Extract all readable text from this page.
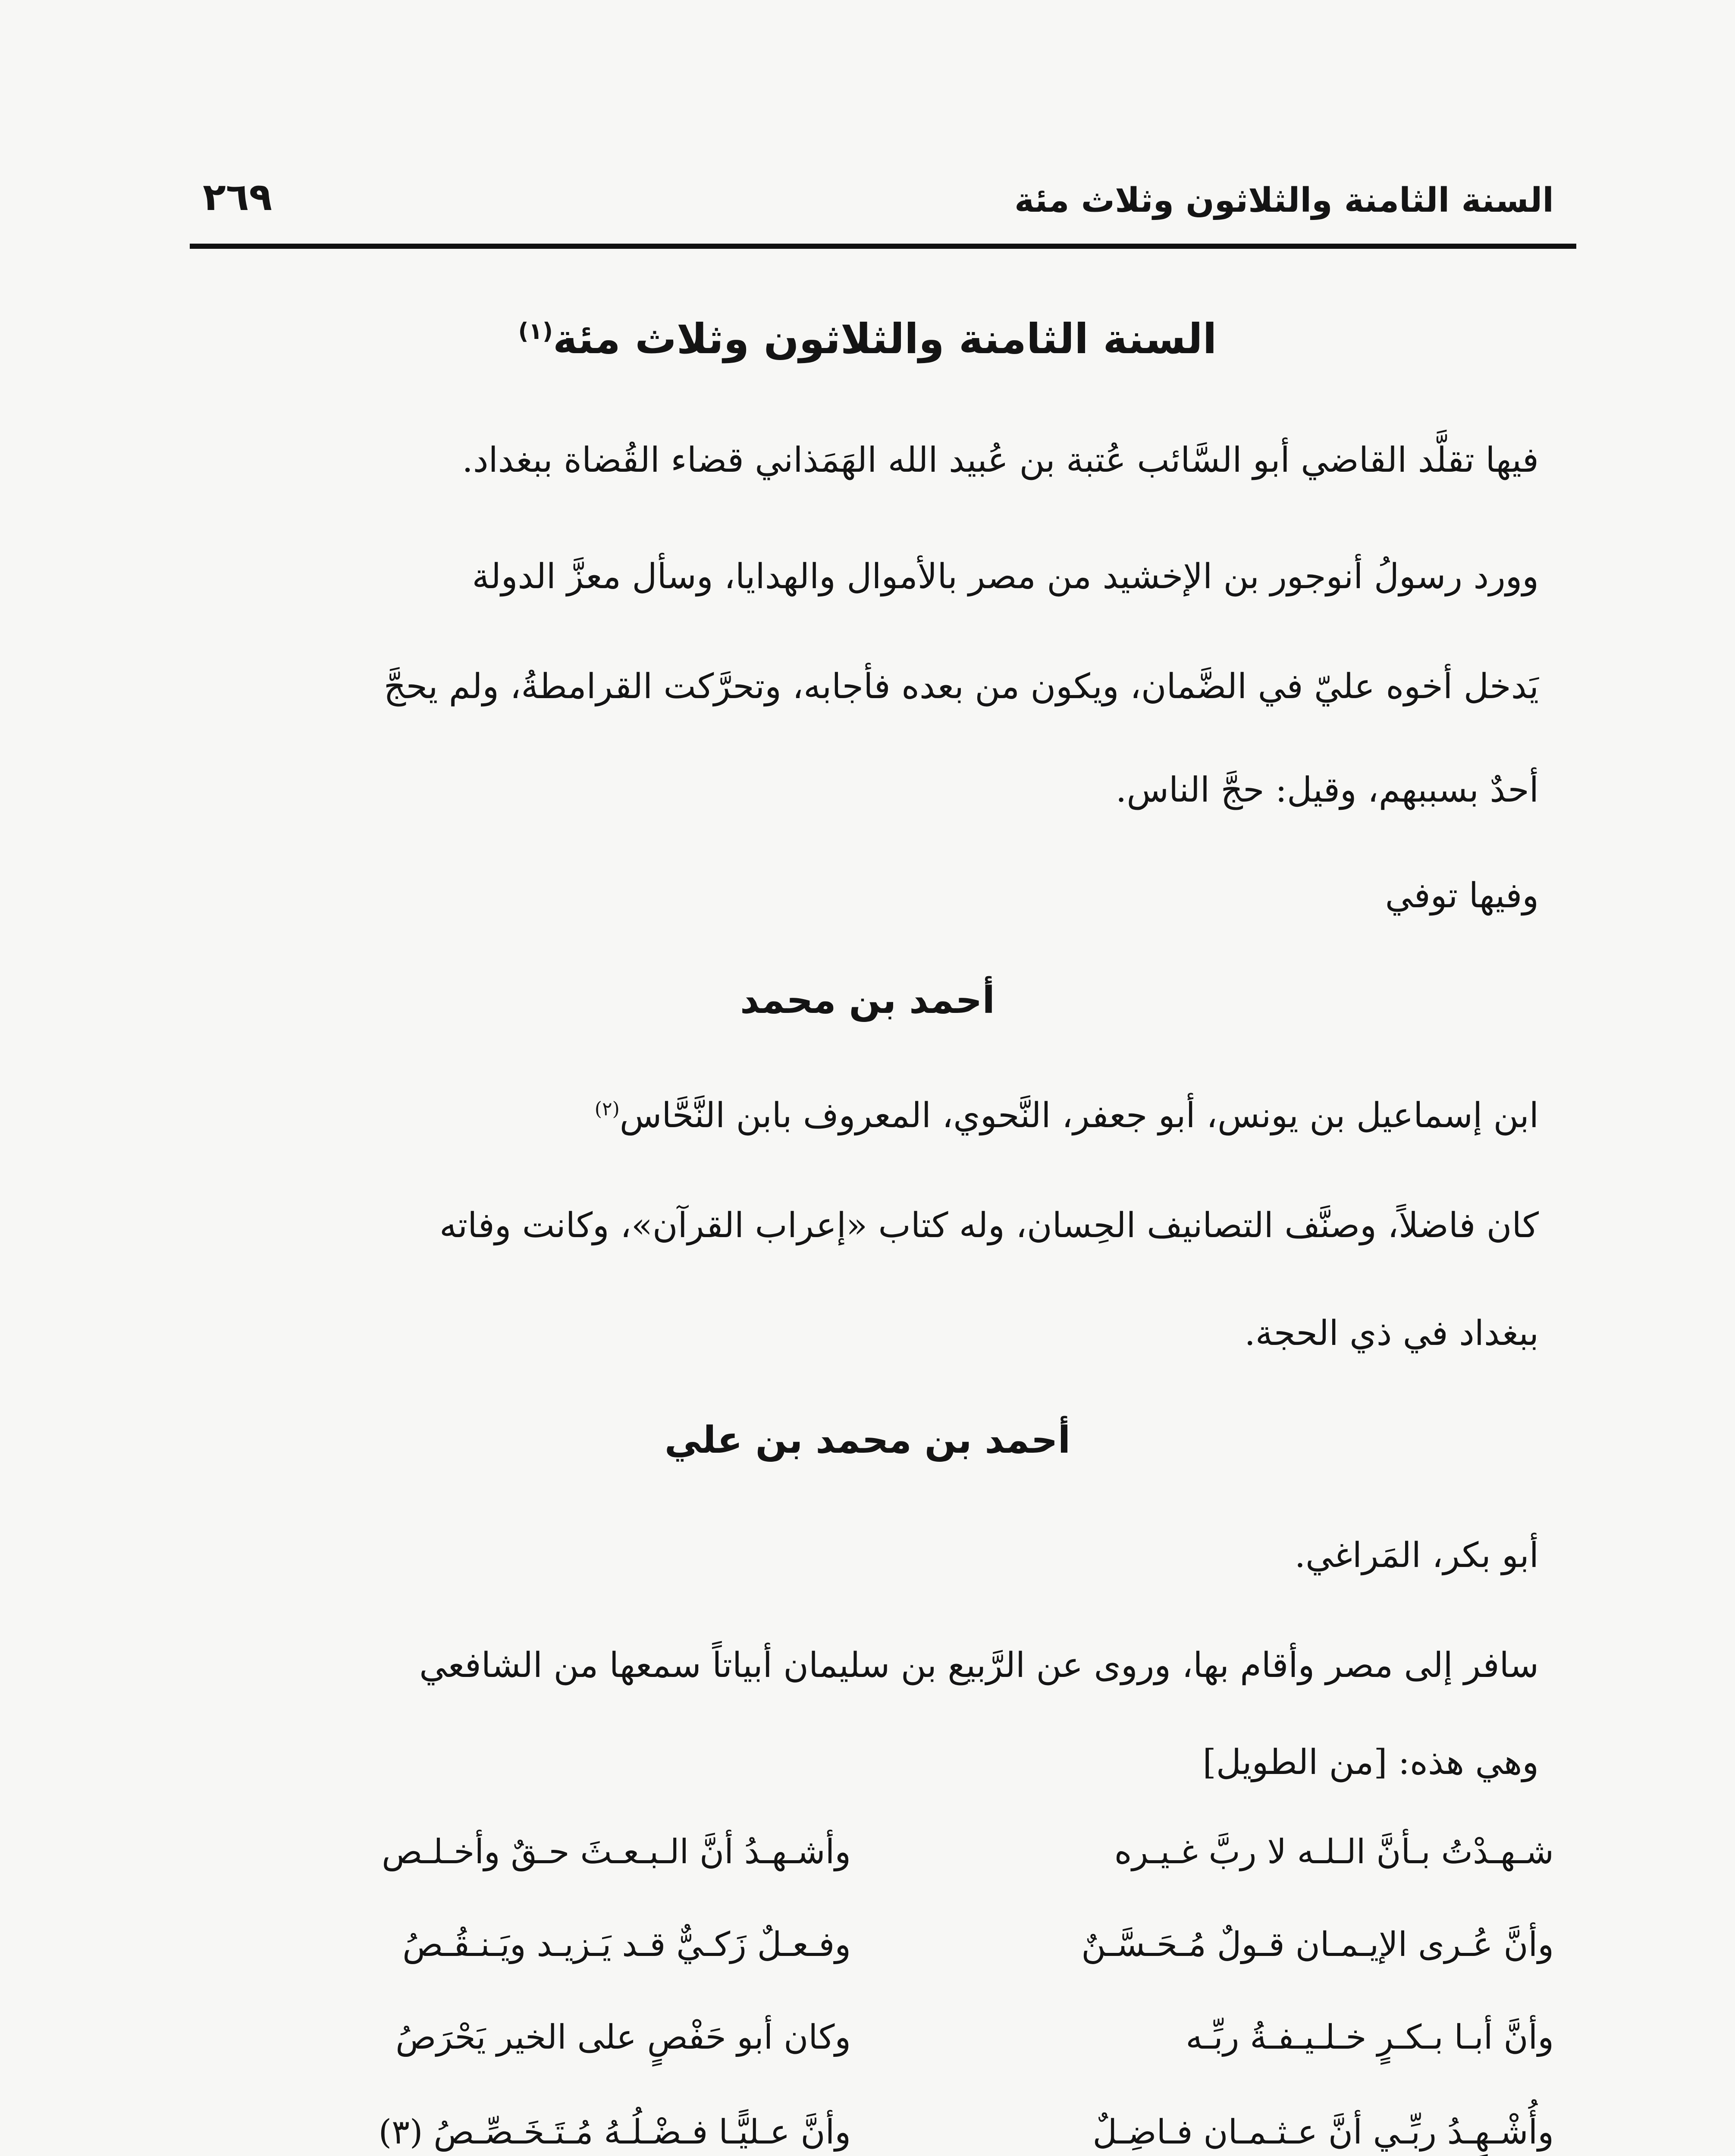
السنة الثامنة والثلاثون وثلاث مئة
٢٦٩
السنة الثامنة والثلاثون وثلاث مئة$^{(١)}$
فيها تقلَّد القاضي أبو السَّائب عُتبة بن عُبيد الله الهَمَذاني قضاء القُضاة ببغداد.
وورد رسولُ أنوجور بن الإخشيد من مصر بالأموال والهدايا، وسأل معزَّ الدولة
يَدخل أخوه عليّ في الضَّمان، ويكون من بعده فأجابه، وتحرَّكت القرامطةُ، ولم يحجَّ
أحدٌ بسببهم، وقيل: حجَّ الناس.
وفيها توفي
أحمد بن محمد
ابن إسماعيل بن يونس، أبو جعفر، النَّحوي، المعروف بابن النَّحَّاس$^{(٢)}$
كان فاضلاً، وصنَّف التصانيف الحِسان، وله كتاب «إعراب القرآن»، وكانت وفاته
ببغداد في ذي الحجة.
أحمد بن محمد بن علي
أبو بكر، المَراغي.
سافر إلى مصر وأقام بها، وروى عن الرَّبيع بن سليمان أبياتاً سمعها من الشافعي
وهي هذه: [من الطويل]
شـهـدْتُ بـأنَّ الـلـه لا ربَّ غـيـره
وأشـهـدُ أنَّ الـبـعـثَ حـقٌ وأخـلـص
وأنَّ عُـرى الإيـمـان قـولٌ مُـحَـسَّـنٌ
وفـعـلٌ زَكـيٌّ قـد يَـزيـد ويَـنـقُـصُ
وأنَّ أبـا بـكـرٍ خـلـيـفـةُ ربِّـه
وكان أبو حَفْصٍ على الخير يَحْرَصُ
وأُشْـهِـدُ ربِّـي أنَّ عـثـمـان فـاضِـلٌ
وأنَّ عـليًّـا فـضْـلُـهُ مُـتَـخَـصِّـصُ (٣)
